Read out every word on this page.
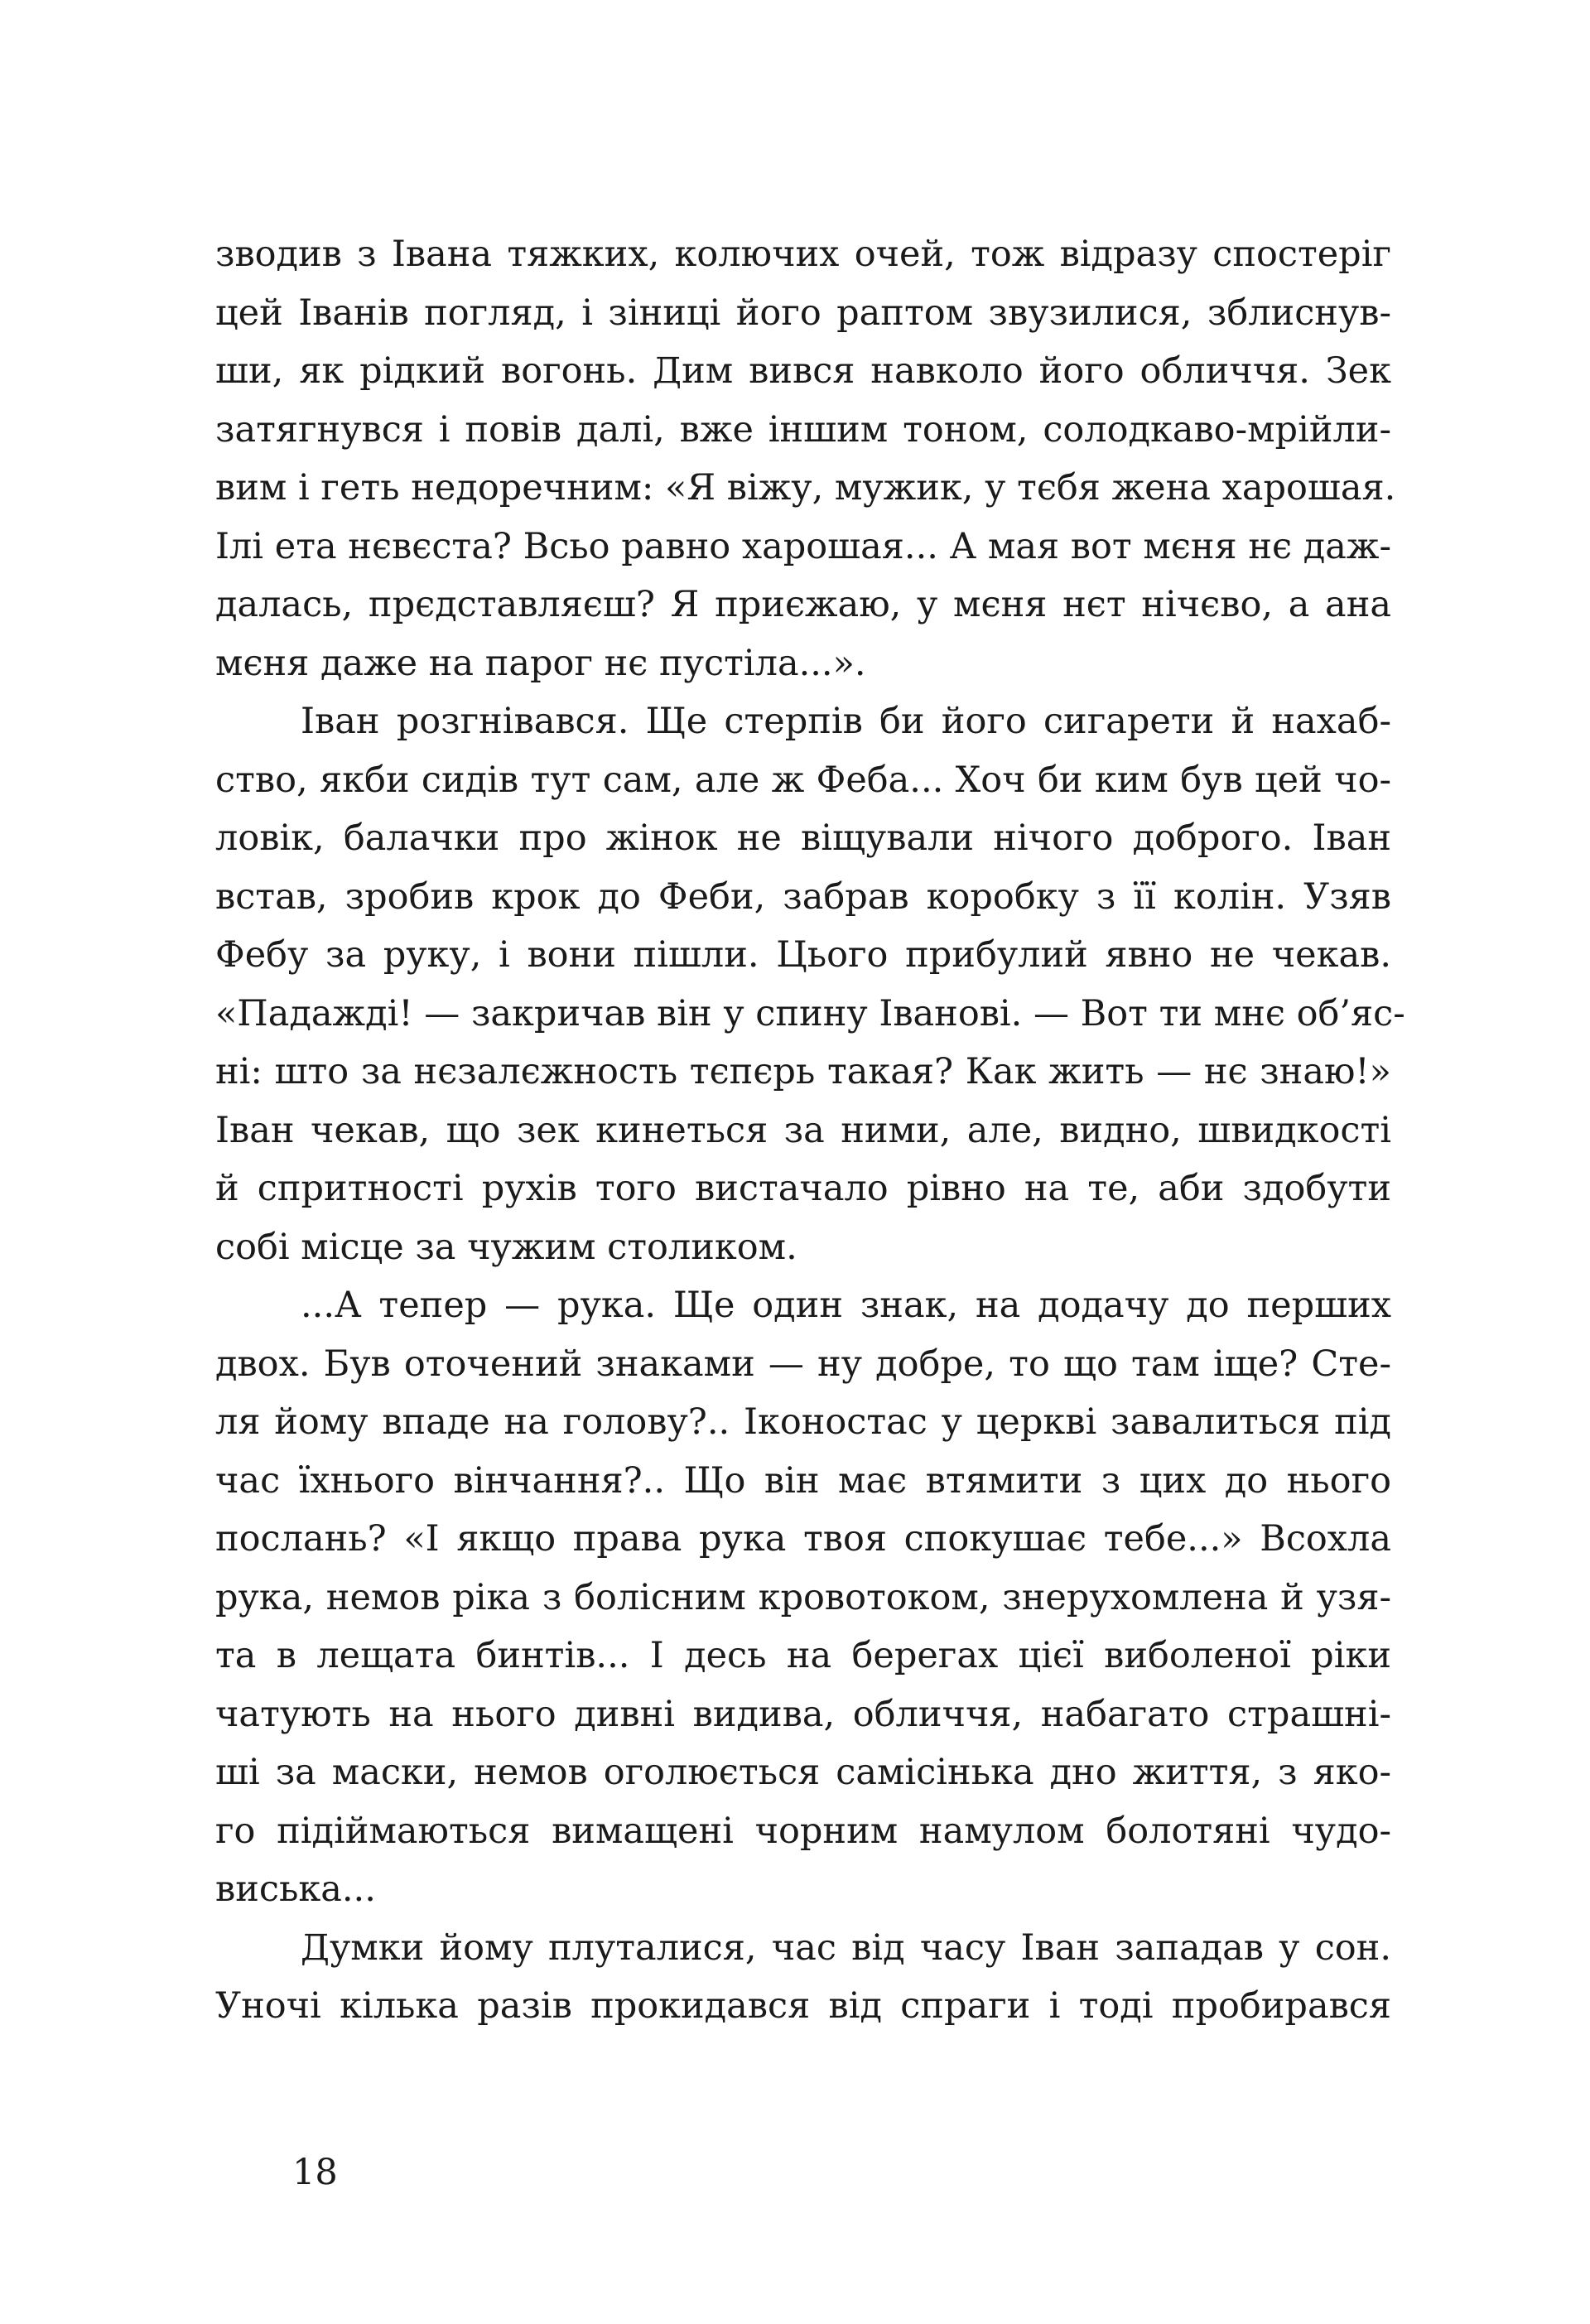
зводив з Івана тяжких, колючих очей, тож відразу спостеріг
цей Іванів погляд, і зіниці його раптом звузилися, зблиснув-
ши, як рідкий вогонь. Дим вився навколо його обличчя. Зек
затягнувся і повів далі, вже іншим тоном, солодкаво-мрійли-
вим і геть недоречним: «Я віжу, мужик, у тєбя жена харошая.
Ілі ета нєвєста? Всьо равно харошая... А мая вот мєня нє даж-
далась, прєдставляєш? Я приєжаю, у мєня нєт нічєво, а ана
мєня даже на парог нє пустіла...».
Іван розгнівався. Ще стерпів би його сигарети й нахаб-
ство, якби сидів тут сам, але ж Феба... Хоч би ким був цей чо-
ловік, балачки про жінок не віщували нічого доброго. Іван
встав, зробив крок до Феби, забрав коробку з її колін. Узяв
Фебу за руку, і вони пішли. Цього прибулий явно не чекав.
«Падажді! — закричав він у спину Іванові. — Вот ти мнє об’яс-
ні: што за нєзалєжность тєпєрь такая? Как жить — нє знаю!»
Іван чекав, що зек кинеться за ними, але, видно, швидкості
й спритності рухів того вистачало рівно на те, аби здобути
собі місце за чужим столиком.
...А тепер — рука. Ще один знак, на додачу до перших
двох. Був оточений знаками — ну добре, то що там іще? Сте-
ля йому впаде на голову?.. Іконостас у церкві завалиться під
час їхнього вінчання?.. Що він має втямити з цих до нього
послань? «І якщо права рука твоя спокушає тебе...» Всохла
рука, немов ріка з болісним кровотоком, знерухомлена й узя-
та в лещата бинтів... І десь на берегах цієї виболеної ріки
чатують на нього дивні видива, обличчя, набагато страшні-
ші за маски, немов оголюється самісінька дно життя, з яко-
го підіймаються вимащені чорним намулом болотяні чудо-
виська...
Думки йому плуталися, час від часу Іван западав у сон.
Уночі кілька разів прокидався від спраги і тоді пробирався
18
